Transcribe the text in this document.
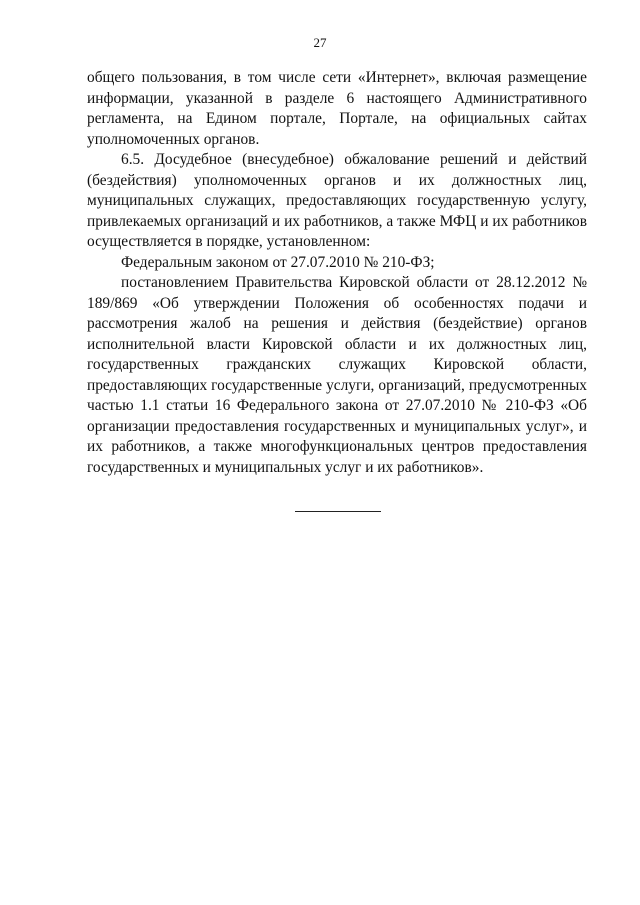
27

общего пользования, в том числе сети «Интернет», включая размещение информации, указанной в разделе 6 настоящего Административного регламента, на Едином портале, Портале, на официальных сайтах уполномоченных органов.

6.5. Досудебное (внесудебное) обжалование решений и действий (бездействия) уполномоченных органов и их должностных лиц, муниципальных служащих, предоставляющих государственную услугу, привлекаемых организаций и их работников, а также МФЦ и их работников осуществляется в порядке, установленном:

Федеральным законом от 27.07.2010 № 210-ФЗ;

постановлением Правительства Кировской области от 28.12.2012 № 189/869 «Об утверждении Положения об особенностях подачи и рассмотрения жалоб на решения и действия (бездействие) органов исполнительной власти Кировской области и их должностных лиц, государственных гражданских служащих Кировской области, предоставляющих государственные услуги, организаций, предусмотренных частью 1.1 статьи 16 Федерального закона от 27.07.2010 № 210-ФЗ «Об организации предоставления государственных и муниципальных услуг», и их работников, а также многофункциональных центров предоставления государственных и муниципальных услуг и их работников».
